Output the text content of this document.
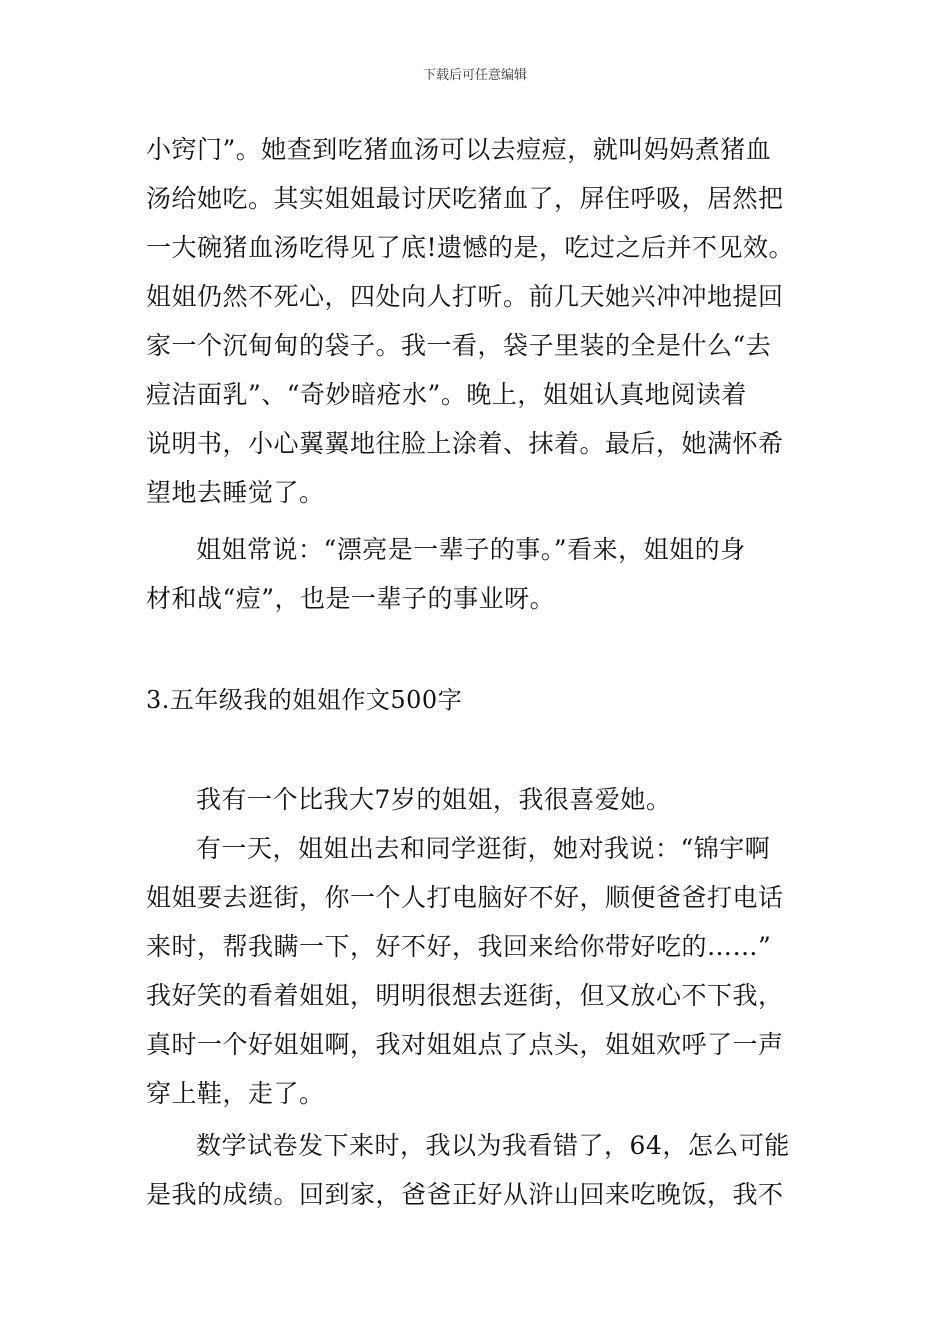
下载后可任意编辑
小窍门”。她查到吃猪血汤可以去痘痘，就叫妈妈煮猪血
汤给她吃。其实姐姐最讨厌吃猪血了，屏住呼吸，居然把
一大碗猪血汤吃得见了底!遗憾的是，吃过之后并不见效。
姐姐仍然不死心，四处向人打听。前几天她兴冲冲地提回
家一个沉甸甸的袋子。我一看，袋子里装的全是什么“去
痘洁面乳”、“奇妙暗疮水”。晚上，姐姐认真地阅读着
说明书，小心翼翼地往脸上涂着、抹着。最后，她满怀希
望地去睡觉了。
姐姐常说：“漂亮是一辈子的事。”看来，姐姐的身
材和战“痘”，也是一辈子的事业呀。
3.五年级我的姐姐作文500字
我有一个比我大7岁的姐姐，我很喜爱她。
有一天，姐姐出去和同学逛街，她对我说：“锦宇啊
姐姐要去逛街，你一个人打电脑好不好，顺便爸爸打电话
来时，帮我瞒一下，好不好，我回来给你带好吃的……”
我好笑的看着姐姐，明明很想去逛街，但又放心不下我，
真时一个好姐姐啊，我对姐姐点了点头，姐姐欢呼了一声
穿上鞋，走了。
数学试卷发下来时，我以为我看错了，64，怎么可能
是我的成绩。回到家，爸爸正好从浒山回来吃晚饭，我不
